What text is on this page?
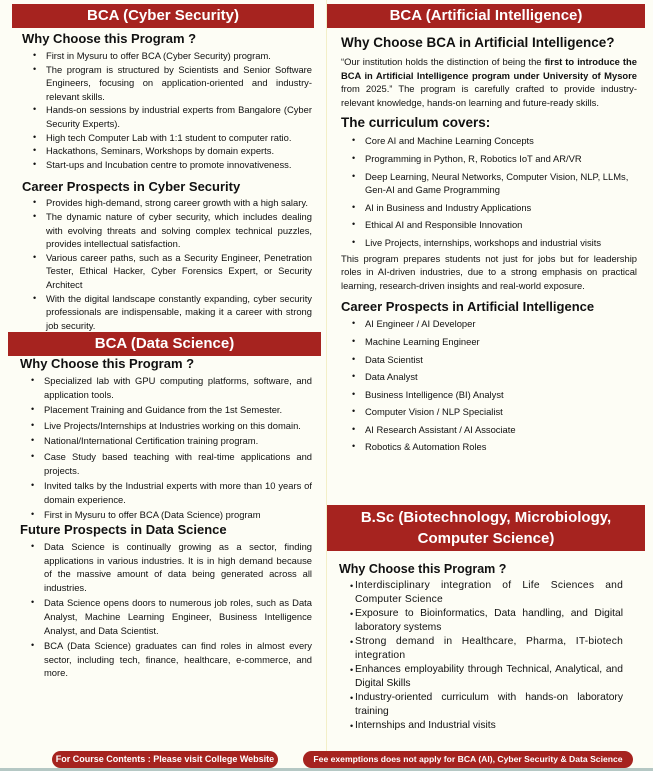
BCA (Cyber Security)
Why Choose this Program ?
• First in Mysuru to offer BCA (Cyber Security) program.
• The program is structured by Scientists and Senior Software Engineers, focusing on application-oriented and industry-relevant skills.
• Hands-on sessions by industrial experts from Bangalore (Cyber Security Experts).
• High tech Computer Lab with 1:1 student to computer ratio.
• Hackathons, Seminars, Workshops by domain experts.
• Start-ups and Incubation centre to promote innovativeness.
Career Prospects in Cyber Security
• Provides high-demand, strong career growth with a high salary.
• The dynamic nature of cyber security, which includes dealing with evolving threats and solving complex technical puzzles, provides intellectual satisfaction.
• Various career paths, such as a Security Engineer, Penetration Tester, Ethical Hacker, Cyber Forensics Expert, or Security Architect
• With the digital landscape constantly expanding, cyber security professionals are indispensable, making it a career with strong job security.
BCA (Data Science)
Why Choose this Program ?
• Specialized lab with GPU computing platforms, software, and application tools.
• Placement Training and Guidance from the 1st Semester.
• Live Projects/Internships at Industries working on this domain.
• National/International Certification training program.
• Case Study based teaching with real-time applications and projects.
• Invited talks by the Industrial experts with more than 10 years of domain experience.
• First in Mysuru to offer BCA (Data Science) program
Future Prospects in Data Science
• Data Science is continually growing as a sector, finding applications in various industries. It is in high demand because of the massive amount of data being generated across all industries.
• Data Science opens doors to numerous job roles, such as Data Analyst, Machine Learning Engineer, Business Intelligence Analyst, and Data Scientist.
• BCA (Data Science) graduates can find roles in almost every sector, including tech, finance, healthcare, e-commerce, and more.
For Course Contents : Please visit College Website
BCA (Artificial Intelligence)
Why Choose BCA in Artificial Intelligence?

“Our institution holds the distinction of being the first to introduce the BCA in Artificial Intelligence program under University of Mysore from 2025.” The program is carefully crafted to provide industry-relevant knowledge, hands-on learning and future-ready skills.

The curriculum covers:
• Core AI and Machine Learning Concepts
• Programming in Python, R, Robotics IoT and AR/VR
• Deep Learning, Neural Networks, Computer Vision, NLP, LLMs, Gen-AI and Game Programming
• AI in Business and Industry Applications
• Ethical AI and Responsible Innovation
• Live Projects, internships, workshops and industrial visits

This program prepares students not just for jobs but for leadership roles in AI-driven industries, due to a strong emphasis on practical learning, research-driven insights and real-world exposure.

Career Prospects in Artificial Intelligence
• AI Engineer / AI Developer
• Machine Learning Engineer
• Data Scientist
• Data Analyst
• Business Intelligence (BI) Analyst
• Computer Vision / NLP Specialist
• AI Research Assistant / AI Associate
• Robotics & Automation Roles
B.Sc (Biotechnology, Microbiology,
Computer Science)
Why Choose this Program ?
• Interdisciplinary integration of Life Sciences and Computer Science
• Exposure to Bioinformatics, Data handling, and Digital laboratory systems
• Strong demand in Healthcare, Pharma, IT-biotech integration
• Enhances employability through Technical, Analytical, and Digital Skills
• Industry-oriented curriculum with hands-on laboratory training
• Internships and Industrial visits
Fee exemptions does not apply for BCA (AI), Cyber Security & Data Science
